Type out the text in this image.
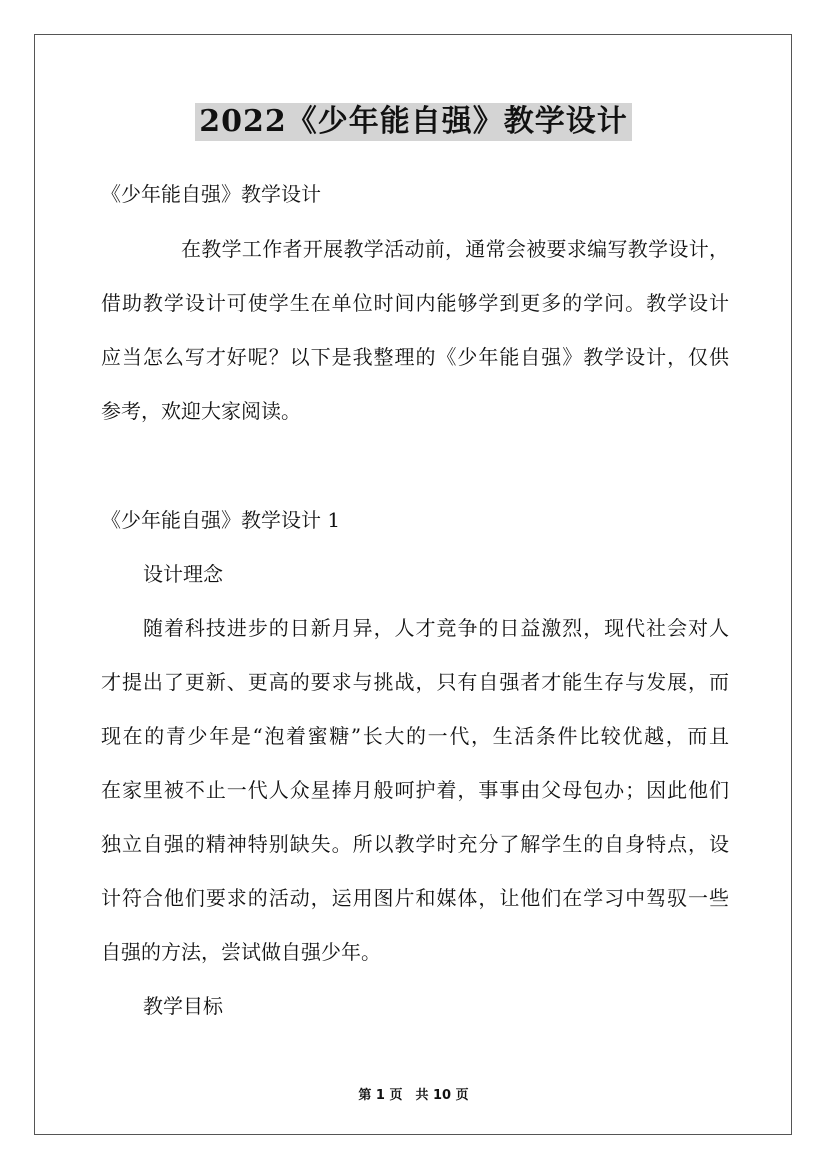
2022《少年能自强》教学设计
《少年能自强》教学设计
在教学工作者开展教学活动前，通常会被要求编写教学设计，
借助教学设计可使学生在单位时间内能够学到更多的学问。教学设计
应当怎么写才好呢？以下是我整理的《少年能自强》教学设计，仅供
参考，欢迎大家阅读。
《少年能自强》教学设计 1
设计理念
随着科技进步的日新月异，人才竞争的日益激烈，现代社会对人
才提出了更新、更高的要求与挑战，只有自强者才能生存与发展，而
现在的青少年是“泡着蜜糖”长大的一代，生活条件比较优越，而且
在家里被不止一代人众星捧月般呵护着，事事由父母包办；因此他们
独立自强的精神特别缺失。所以教学时充分了解学生的自身特点，设
计符合他们要求的活动，运用图片和媒体，让他们在学习中驾驭一些
自强的方法，尝试做自强少年。
教学目标
第 1 页　共 10 页
